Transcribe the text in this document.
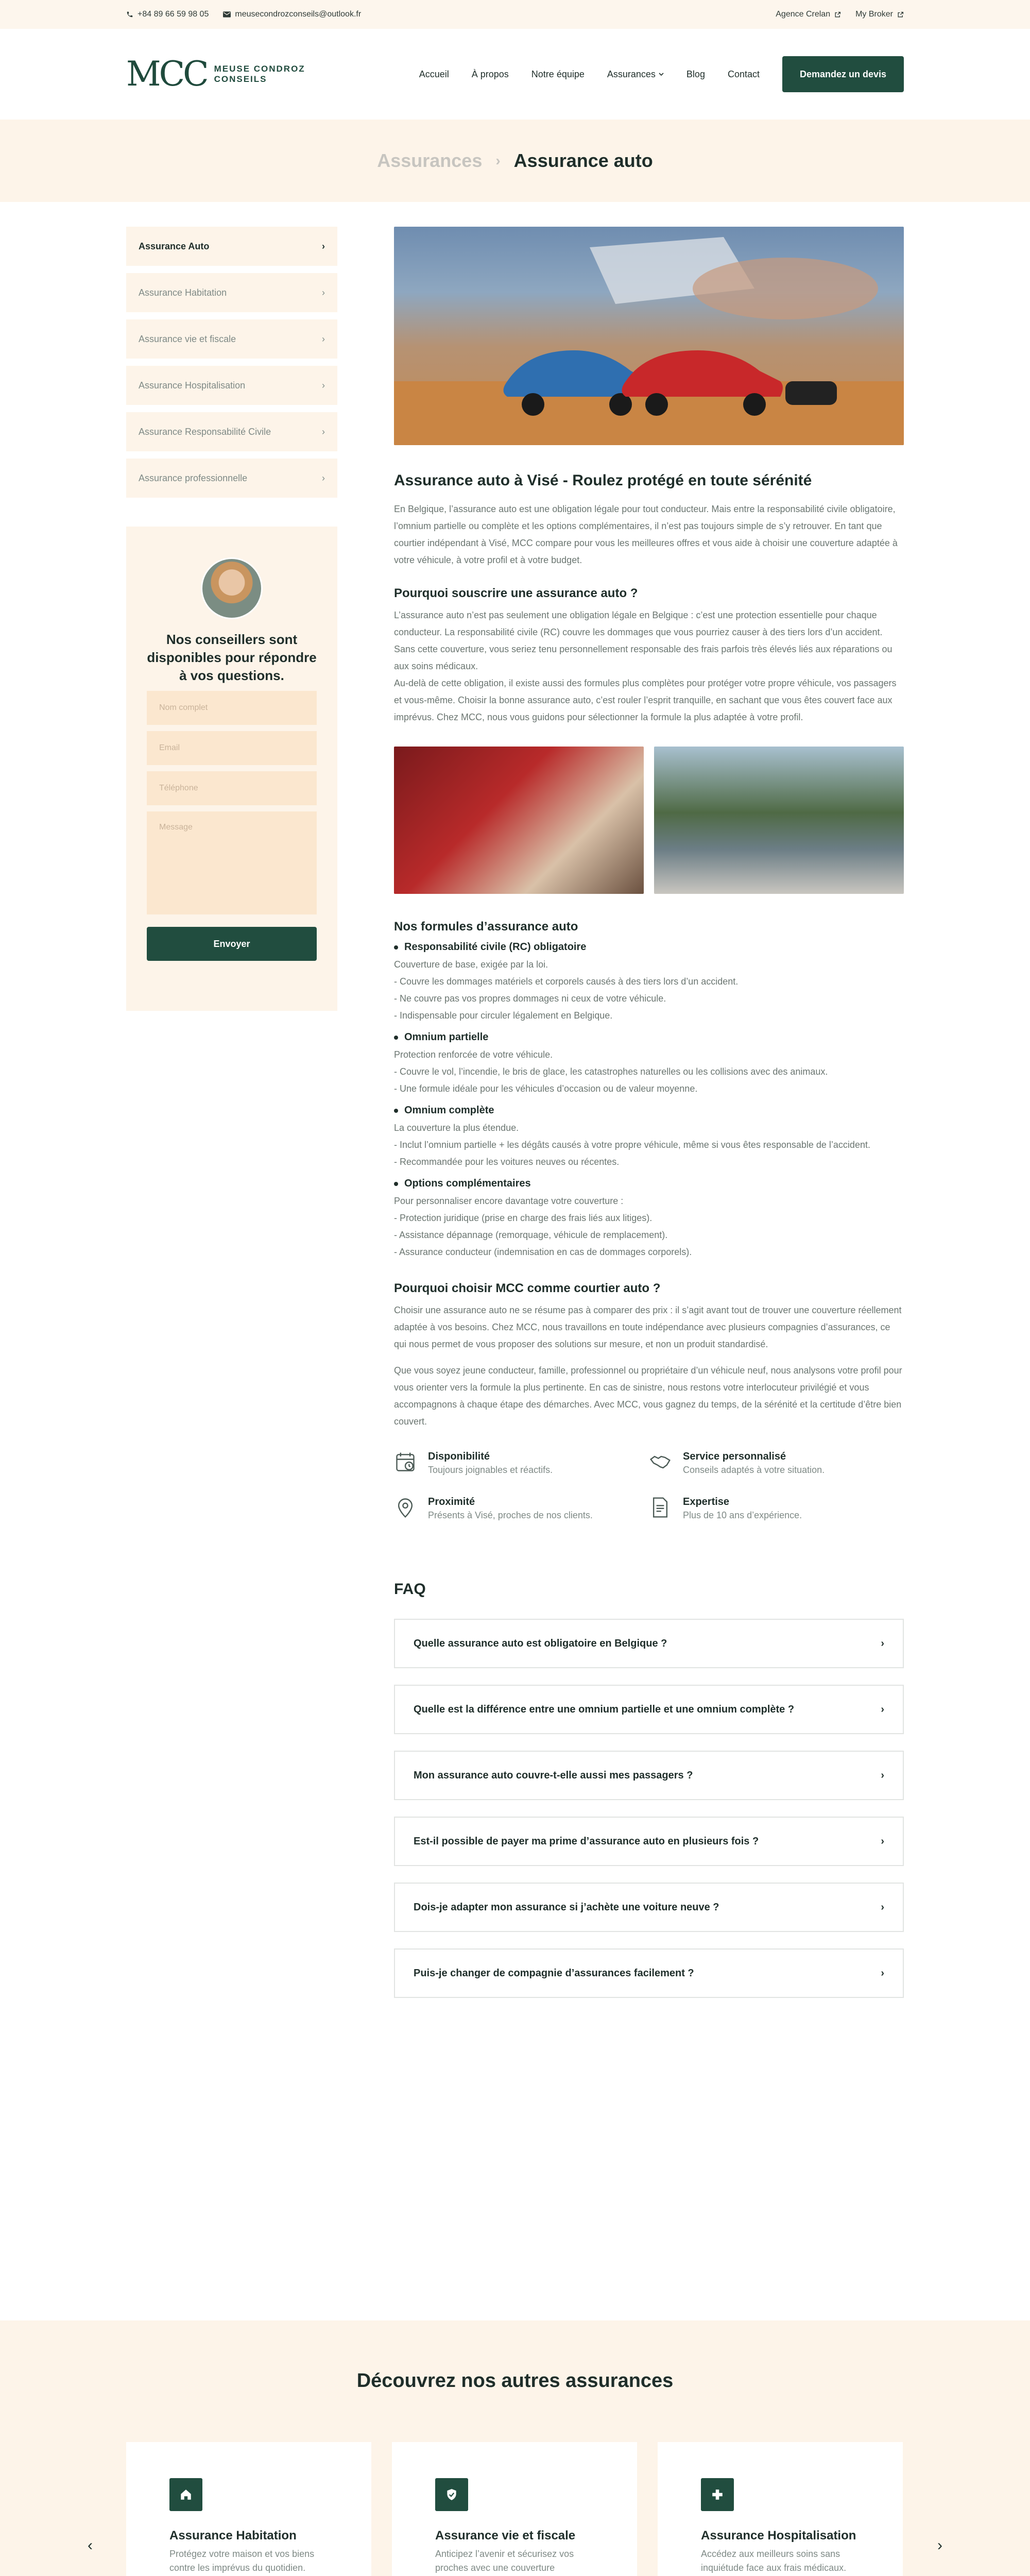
+84 89 66 59 98 05	meusecondrozconseils@outlook.fr	Agence Crelan	My Broker
MCC MEUSE CONDROZ
CONSEILS	Accueil À propos Notre équipe Assurances	Blog Contact	Demandez un devis
Assurances › Assurance auto
Assurance Auto	›
Assurance Habitation	›
Assurance vie et fiscale	›
Assurance Hospitalisation	›
Assurance Responsabilité Civile	›
Assurance professionnelle	›
Nos conseillers sont disponibles pour répondre à vos questions.
Nom complet
Email
Téléphone
Message
Envoyer
Assurance auto à Visé - Roulez protégé en toute sérénité

En Belgique, l’assurance auto est une obligation légale pour tout conducteur. Mais entre la responsabilité civile obligatoire, l’omnium partielle ou complète et les options complémentaires, il n’est pas toujours simple de s’y retrouver. En tant que courtier indépendant à Visé, MCC compare pour vous les meilleures offres et vous aide à choisir une couverture adaptée à votre véhicule, à votre profil et à votre budget.

Pourquoi souscrire une assurance auto ?

L’assurance auto n’est pas seulement une obligation légale en Belgique : c’est une protection essentielle pour chaque conducteur. La responsabilité civile (RC) couvre les dommages que vous pourriez causer à des tiers lors d’un accident. Sans cette couverture, vous seriez tenu personnellement responsable des frais parfois très élevés liés aux réparations ou aux soins médicaux.

Au-delà de cette obligation, il existe aussi des formules plus complètes pour protéger votre propre véhicule, vos passagers et vous-même. Choisir la bonne assurance auto, c’est rouler l’esprit tranquille, en sachant que vous êtes couvert face aux imprévus. Chez MCC, nous vous guidons pour sélectionner la formule la plus adaptée à votre profil.

Nos formules d’assurance auto
Responsabilité civile (RC) obligatoire

Couverture de base, exigée par la loi.

- Couvre les dommages matériels et corporels causés à des tiers lors d’un accident.

- Ne couvre pas vos propres dommages ni ceux de votre véhicule.

- Indispensable pour circuler légalement en Belgique.

Omnium partielle

Protection renforcée de votre véhicule.

- Couvre le vol, l’incendie, le bris de glace, les catastrophes naturelles ou les collisions avec des animaux.

- Une formule idéale pour les véhicules d’occasion ou de valeur moyenne.

Omnium complète

La couverture la plus étendue.

- Inclut l’omnium partielle + les dégâts causés à votre propre véhicule, même si vous êtes responsable de l’accident.

- Recommandée pour les voitures neuves ou récentes.

Options complémentaires

Pour personnaliser encore davantage votre couverture :

- Protection juridique (prise en charge des frais liés aux litiges).

- Assistance dépannage (remorquage, véhicule de remplacement).

- Assurance conducteur (indemnisation en cas de dommages corporels).

Pourquoi choisir MCC comme courtier auto ?

Choisir une assurance auto ne se résume pas à comparer des prix : il s’agit avant tout de trouver une couverture réellement adaptée à vos besoins. Chez MCC, nous travaillons en toute indépendance avec plusieurs compagnies d’assurances, ce qui nous permet de vous proposer des solutions sur mesure, et non un produit standardisé.

Que vous soyez jeune conducteur, famille, professionnel ou propriétaire d’un véhicule neuf, nous analysons votre profil pour vous orienter vers la formule la plus pertinente. En cas de sinistre, nous restons votre interlocuteur privilégié et vous accompagnons à chaque étape des démarches. Avec MCC, vous gagnez du temps, de la sérénité et la certitude d’être bien couvert.

Disponibilité
Toujours joignables et réactifs.
Service personnalisé
Conseils adaptés à votre situation.
Proximité
Présents à Visé, proches de nos clients.
Expertise
Plus de 10 ans d’expérience.
FAQ
Quelle assurance auto est obligatoire en Belgique ?	›
Quelle est la différence entre une omnium partielle et une omnium complète ?	›
Mon assurance auto couvre-t-elle aussi mes passagers ?	›
Est-il possible de payer ma prime d’assurance auto en plusieurs fois ?	›
Dois-je adapter mon assurance si j’achète une voiture neuve ?	›
Puis-je changer de compagnie d’assurances facilement ?	›
Découvrez nos autres assurances
‹	›
Assurance Habitation

Protégez votre maison et vos biens contre les imprévus du quotidien.

Assurance vie et fiscale

Anticipez l’avenir et sécurisez vos proches avec une couverture

Assurance Hospitalisation

Accédez aux meilleurs soins sans inquiétude face aux frais médicaux.
